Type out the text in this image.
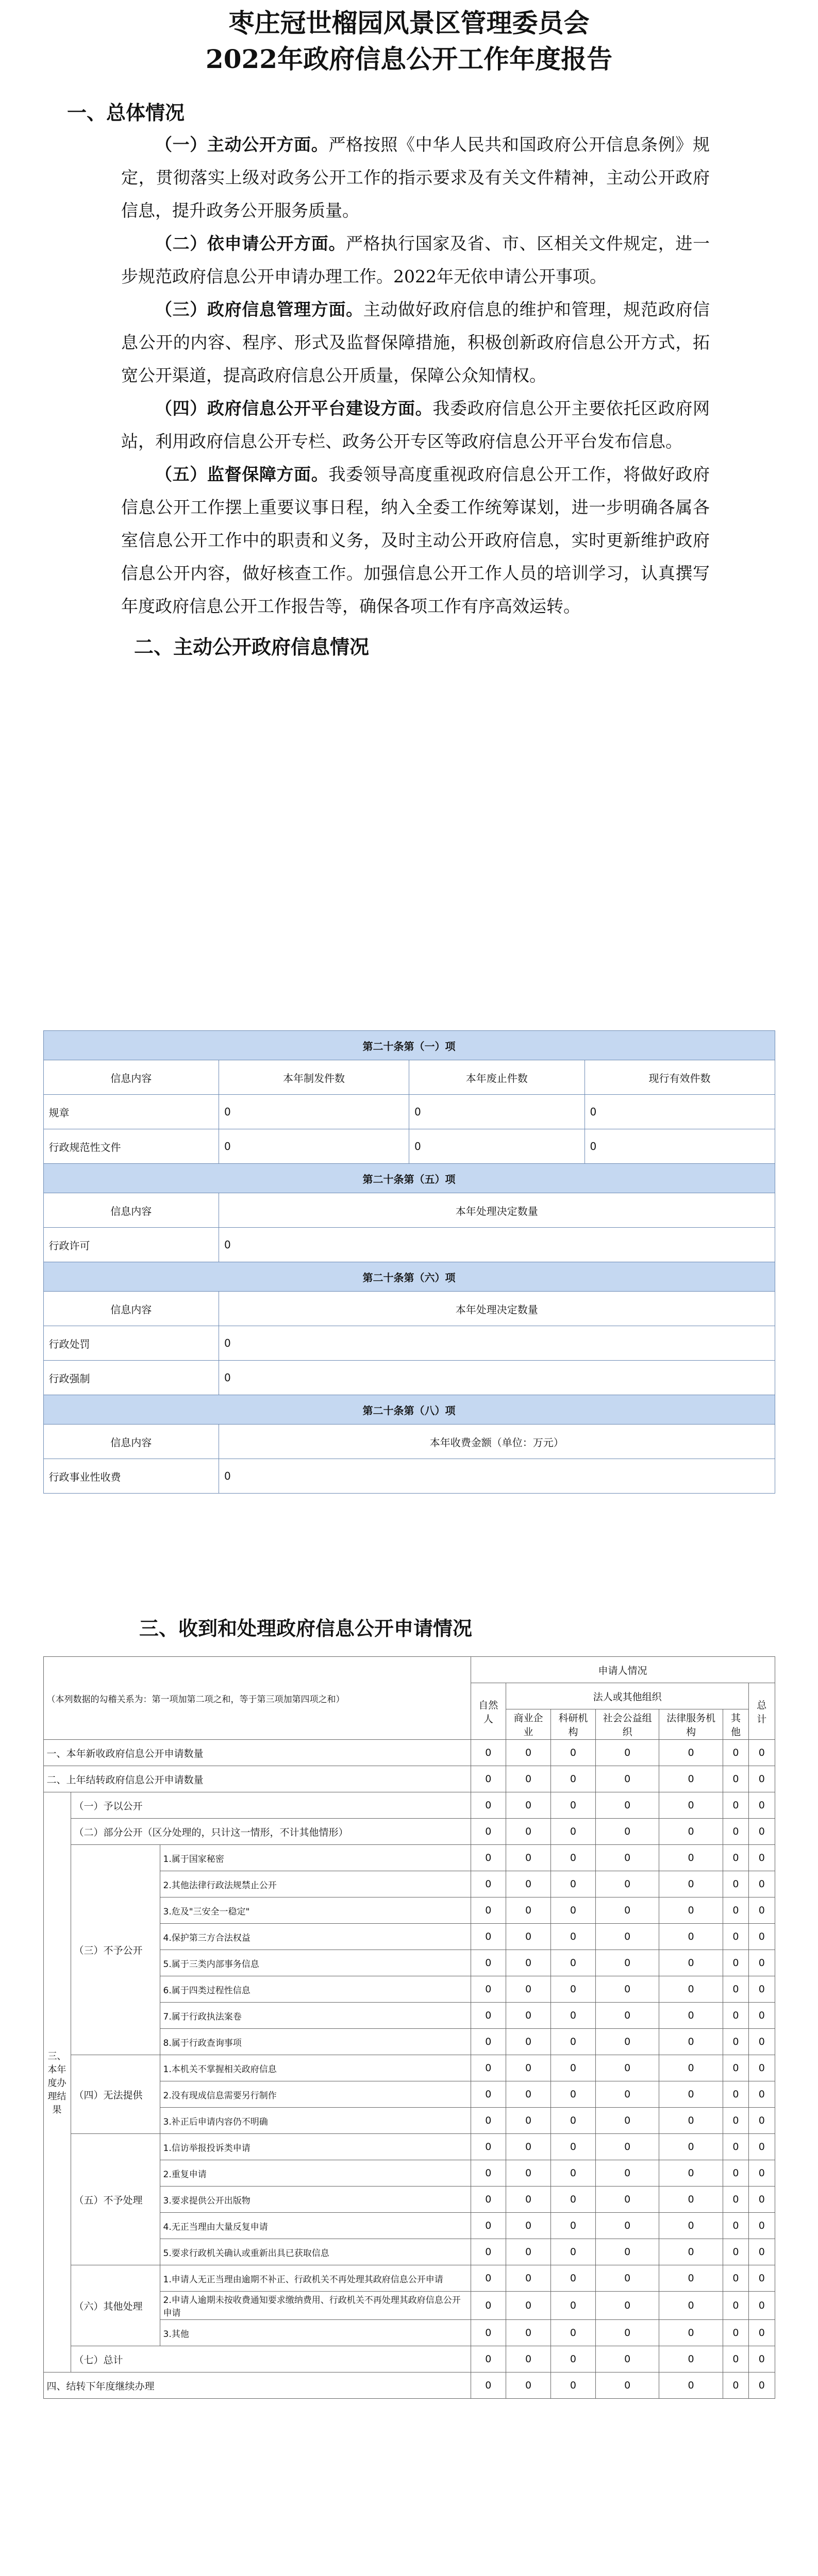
枣庄冠世榴园风景区管理委员会
2022年政府信息公开工作年度报告
一、总体情况
（一）主动公开方面。严格按照《中华人民共和国政府公开信息条例》规定，贯彻落实上级对政务公开工作的指示要求及有关文件精神，主动公开政府信息，提升政务公开服务质量。
（二）依申请公开方面。严格执行国家及省、市、区相关文件规定，进一步规范政府信息公开申请办理工作。2022年无依申请公开事项。
（三）政府信息管理方面。主动做好政府信息的维护和管理，规范政府信息公开的内容、程序、形式及监督保障措施，积极创新政府信息公开方式，拓宽公开渠道，提高政府信息公开质量，保障公众知情权。
（四）政府信息公开平台建设方面。我委政府信息公开主要依托区政府网站，利用政府信息公开专栏、政务公开专区等政府信息公开平台发布信息。
（五）监督保障方面。我委领导高度重视政府信息公开工作，将做好政府信息公开工作摆上重要议事日程，纳入全委工作统筹谋划，进一步明确各属各室信息公开工作中的职责和义务，及时主动公开政府信息，实时更新维护政府信息公开内容，做好核查工作。加强信息公开工作人员的培训学习，认真撰写年度政府信息公开工作报告等，确保各项工作有序高效运转。
二、主动公开政府信息情况
第二十条第（一）项			
信息内容	本年制发件数	本年废止件数	现行有效件数
规章	0	0	0
行政规范性文件	0	0	0
第二十条第（五）项			
信息内容	本年处理决定数量		
行政许可	0		
第二十条第（六）项			
信息内容	本年处理决定数量		
行政处罚	0		
行政强制	0		
第二十条第（八）项			
信息内容	本年收费金额（单位：万元）		
行政事业性收费	0		
三、收到和处理政府信息公开申请情况
（本列数据的勾稽关系为：第一项加第二项之和，等于第三项加第四项之和）			申请人情况						
			自然人	法人或其他组织					总计
				商业企业	科研机构	社会公益组织	法律服务机构	其他	
一、本年新收政府信息公开申请数量			0	0	0	0	0	0	0
二、上年结转政府信息公开申请数量			0	0	0	0	0	0	0
三、本年度办理结果	（一）予以公开		0	0	0	0	0	0	0
	（二）部分公开（区分处理的，只计这一情形，不计其他情形）		0	0	0	0	0	0	0
	（三）不予公开	1.属于国家秘密	0	0	0	0	0	0	0
		2.其他法律行政法规禁止公开	0	0	0	0	0	0	0
		3.危及"三安全一稳定"	0	0	0	0	0	0	0
		4.保护第三方合法权益	0	0	0	0	0	0	0
		5.属于三类内部事务信息	0	0	0	0	0	0	0
		6.属于四类过程性信息	0	0	0	0	0	0	0
		7.属于行政执法案卷	0	0	0	0	0	0	0
		8.属于行政查询事项	0	0	0	0	0	0	0
	（四）无法提供	1.本机关不掌握相关政府信息	0	0	0	0	0	0	0
		2.没有现成信息需要另行制作	0	0	0	0	0	0	0
		3.补正后申请内容仍不明确	0	0	0	0	0	0	0
	（五）不予处理	1.信访举报投诉类申请	0	0	0	0	0	0	0
		2.重复申请	0	0	0	0	0	0	0
		3.要求提供公开出版物	0	0	0	0	0	0	0
		4.无正当理由大量反复申请	0	0	0	0	0	0	0
		5.要求行政机关确认或重新出具已获取信息	0	0	0	0	0	0	0
	（六）其他处理	1.申请人无正当理由逾期不补正、行政机关不再处理其政府信息公开申请	0	0	0	0	0	0	0
		2.申请人逾期未按收费通知要求缴纳费用、行政机关不再处理其政府信息公开申请	0	0	0	0	0	0	0
		3.其他	0	0	0	0	0	0	0
	（七）总计		0	0	0	0	0	0	0
四、结转下年度继续办理			0	0	0	0	0	0	0
